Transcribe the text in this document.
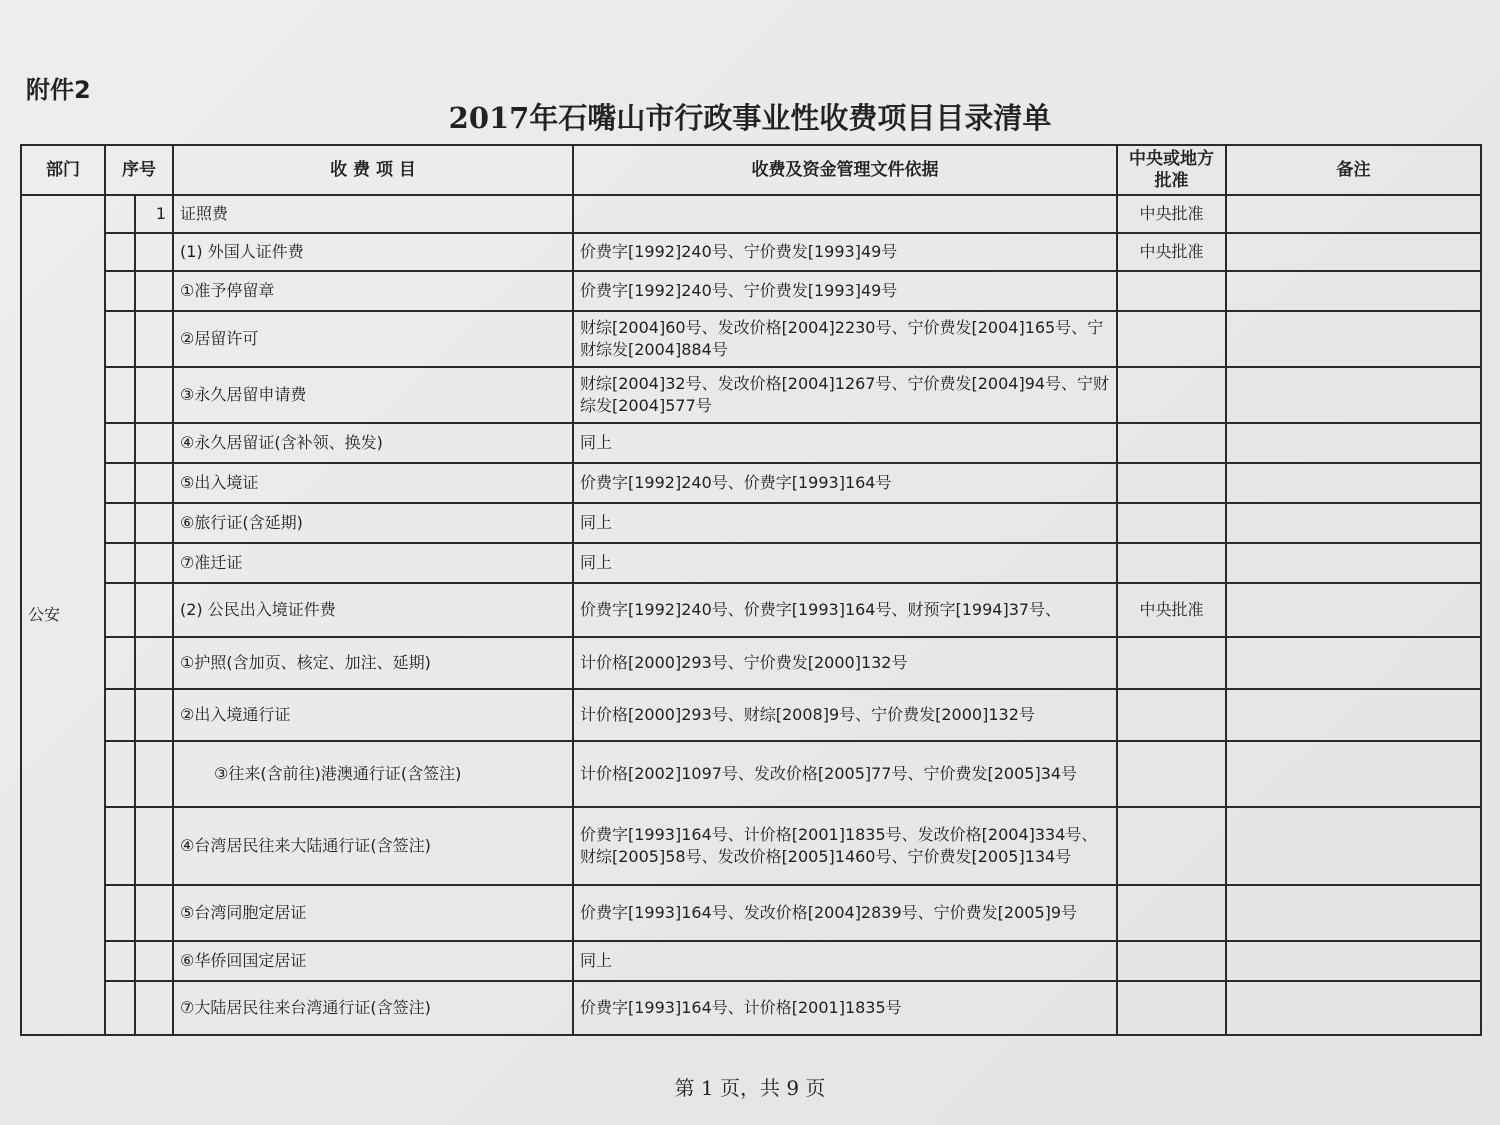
附件2
2017年石嘴山市行政事业性收费项目目录清单
部门	序号		收 费 项 目	收费及资金管理文件依据	中央或地方批准	备注
公安		1	证照费		中央批准	
			(1) 外国人证件费	价费字[1992]240号、宁价费发[1993]49号	中央批准	
			①准予停留章	价费字[1992]240号、宁价费发[1993]49号		
			②居留许可	财综[2004]60号、发改价格[2004]2230号、宁价费发[2004]165号、宁财综发[2004]884号		
			③永久居留申请费	财综[2004]32号、发改价格[2004]1267号、宁价费发[2004]94号、宁财综发[2004]577号		
			④永久居留证(含补领、换发)	同上		
			⑤出入境证	价费字[1992]240号、价费字[1993]164号		
			⑥旅行证(含延期)	同上		
			⑦准迁证	同上		
			(2) 公民出入境证件费	价费字[1992]240号、价费字[1993]164号、财预字[1994]37号、	中央批准	
			①护照(含加页、核定、加注、延期)	计价格[2000]293号、宁价费发[2000]132号		
			②出入境通行证	计价格[2000]293号、财综[2008]9号、宁价费发[2000]132号		
			③往来(含前往)港澳通行证(含签注)	计价格[2002]1097号、发改价格[2005]77号、宁价费发[2005]34号		
			④台湾居民往来大陆通行证(含签注)	价费字[1993]164号、计价格[2001]1835号、发改价格[2004]334号、财综[2005]58号、发改价格[2005]1460号、宁价费发[2005]134号		
			⑤台湾同胞定居证	价费字[1993]164号、发改价格[2004]2839号、宁价费发[2005]9号		
			⑥华侨回国定居证	同上		
			⑦大陆居民往来台湾通行证(含签注)	价费字[1993]164号、计价格[2001]1835号		
第 1 页，共 9 页
